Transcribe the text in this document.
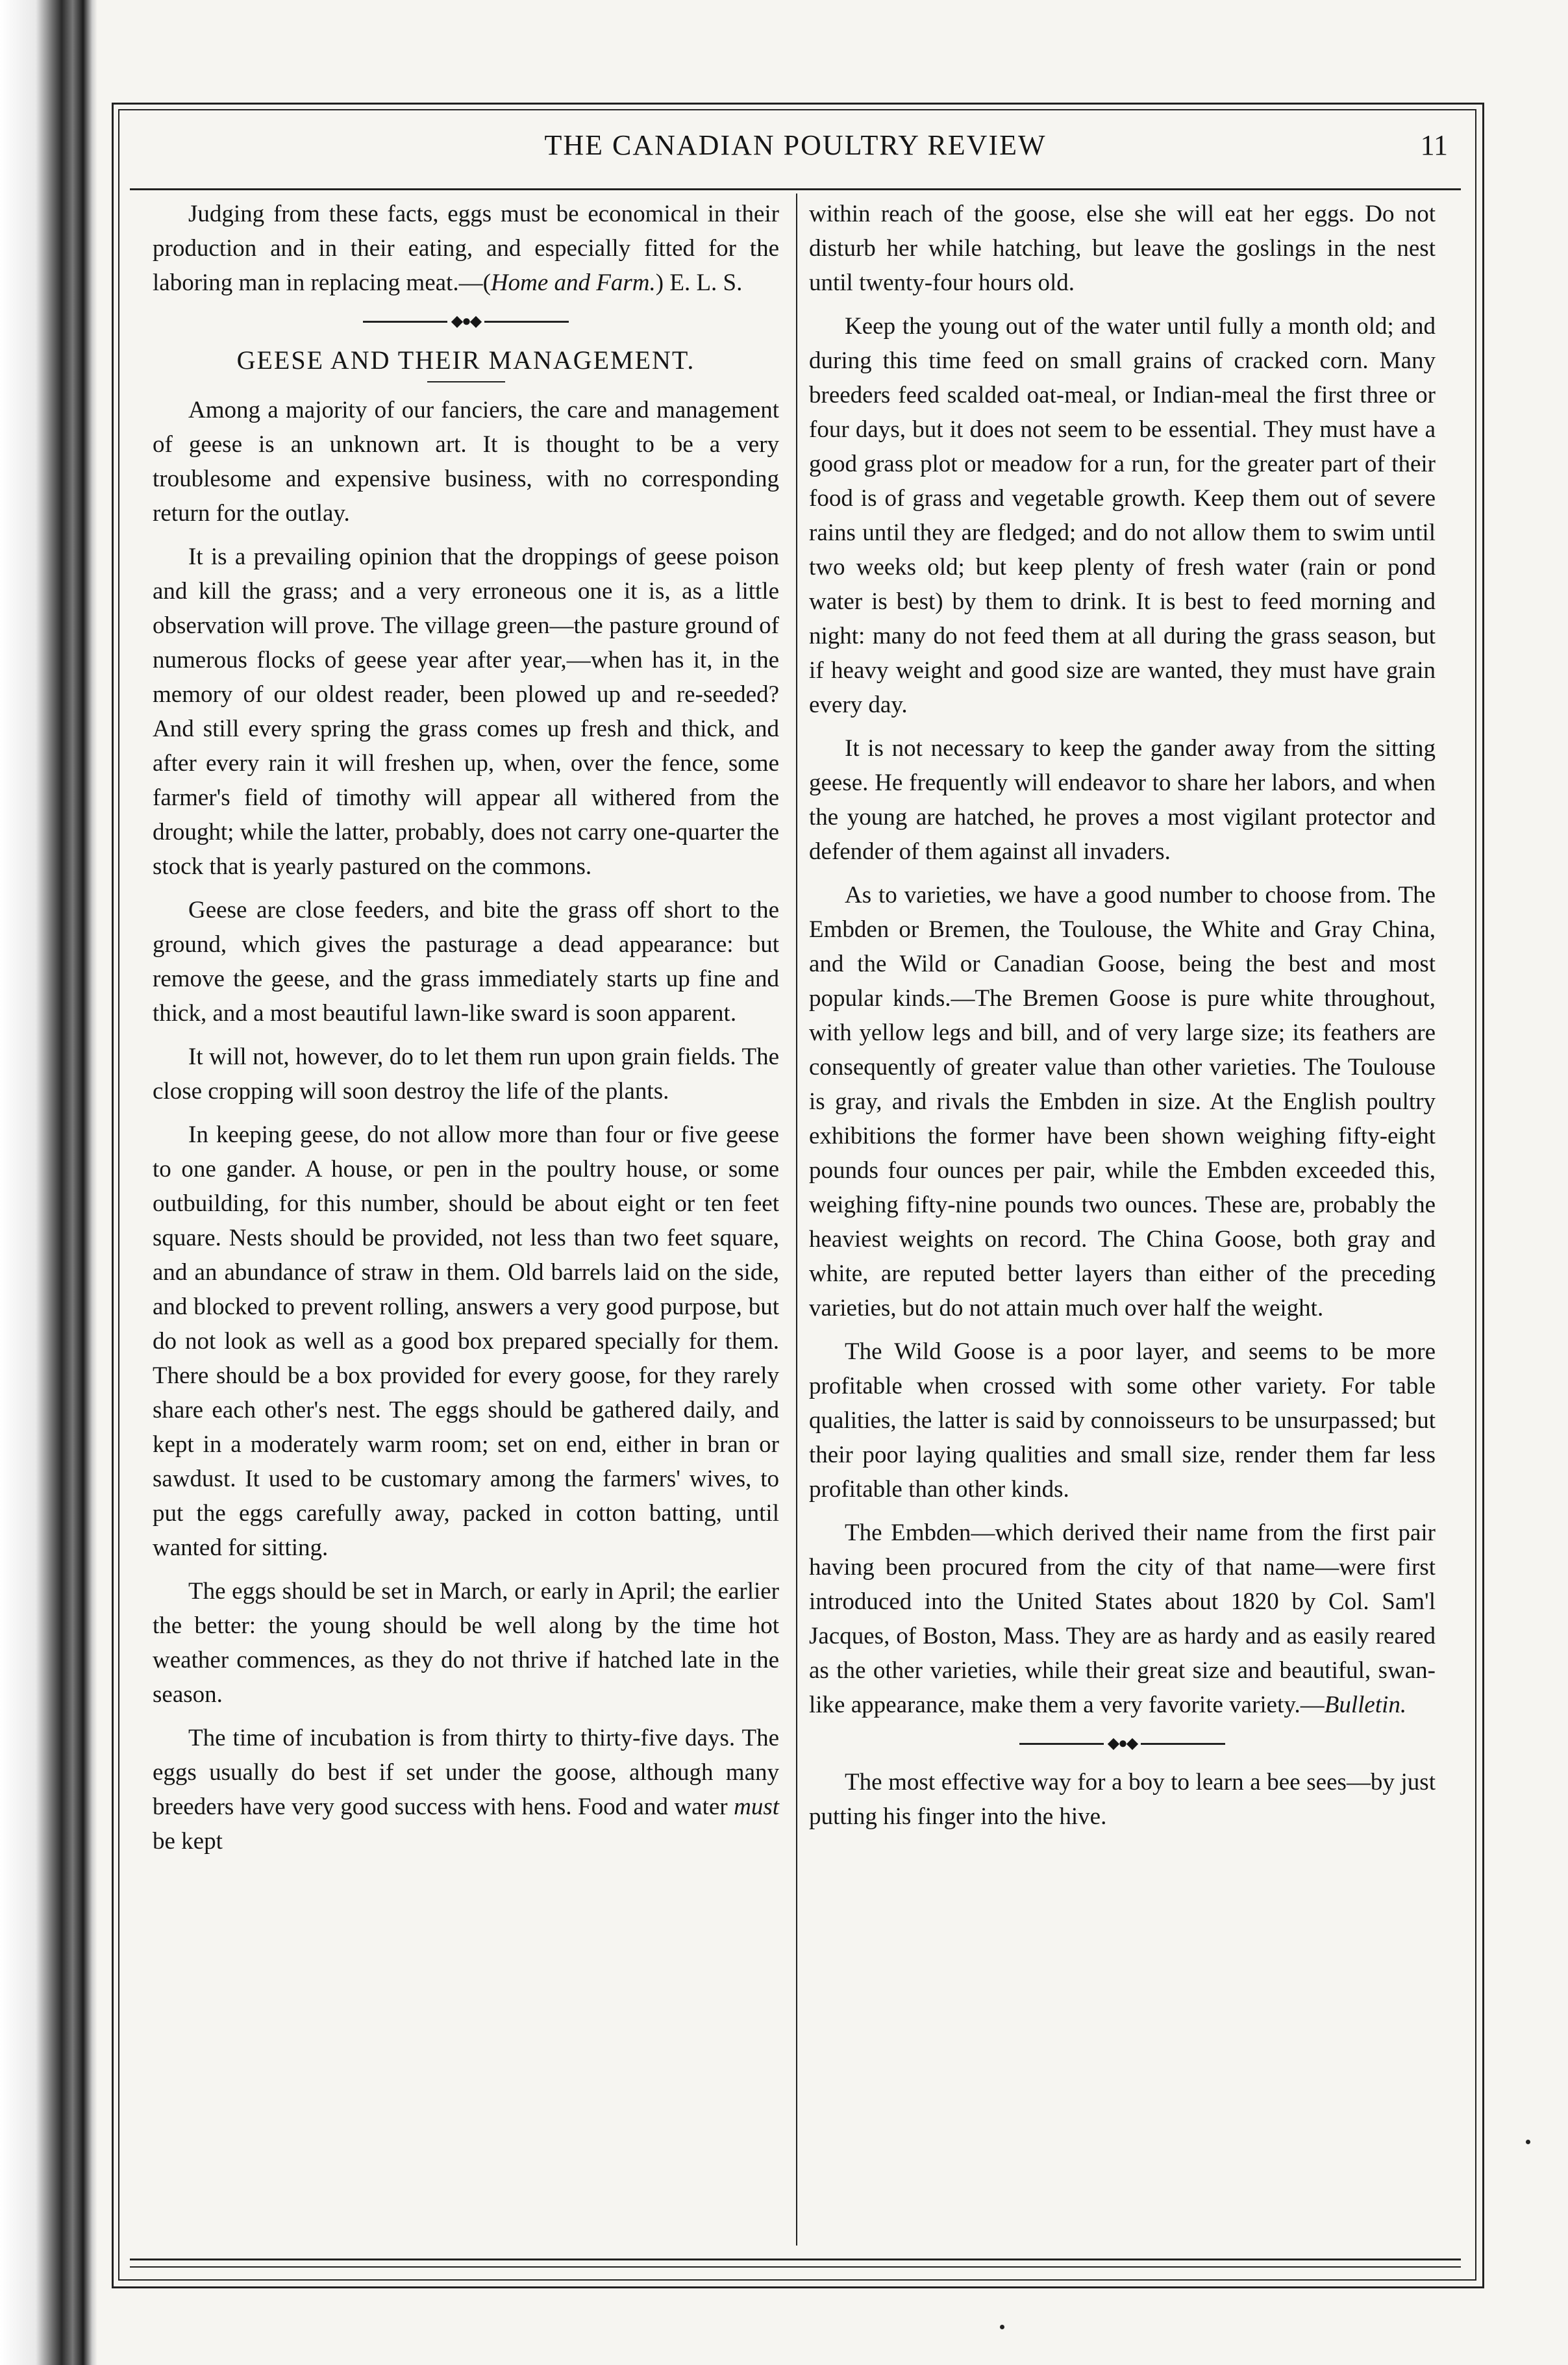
THE CANADIAN POULTRY REVIEW	11

Judging from these facts, eggs must be economical in their production and in their eating, and especially fitted for the laboring man in replacing meat.—(Home and Farm.) E. L. S.

◆●◆
GEESE AND THEIR MANAGEMENT.

Among a majority of our fanciers, the care and management of geese is an unknown art. It is thought to be a very troublesome and expensive business, with no corresponding return for the outlay.

It is a prevailing opinion that the droppings of geese poison and kill the grass; and a very erroneous one it is, as a little observation will prove. The village green—the pasture ground of numerous flocks of geese year after year,—when has it, in the memory of our oldest reader, been plowed up and re-seeded? And still every spring the grass comes up fresh and thick, and after every rain it will freshen up, when, over the fence, some farmer's field of timothy will appear all withered from the drought; while the latter, probably, does not carry one-quarter the stock that is yearly pastured on the commons.

Geese are close feeders, and bite the grass off short to the ground, which gives the pasturage a dead appearance: but remove the geese, and the grass immediately starts up fine and thick, and a most beautiful lawn-like sward is soon apparent.

It will not, however, do to let them run upon grain fields. The close cropping will soon destroy the life of the plants.

In keeping geese, do not allow more than four or five geese to one gander. A house, or pen in the poultry house, or some outbuilding, for this number, should be about eight or ten feet square. Nests should be provided, not less than two feet square, and an abundance of straw in them. Old barrels laid on the side, and blocked to prevent rolling, answers a very good purpose, but do not look as well as a good box prepared specially for them. There should be a box provided for every goose, for they rarely share each other's nest. The eggs should be gathered daily, and kept in a moderately warm room; set on end, either in bran or sawdust. It used to be customary among the farmers' wives, to put the eggs carefully away, packed in cotton batting, until wanted for sitting.

The eggs should be set in March, or early in April; the earlier the better: the young should be well along by the time hot weather commences, as they do not thrive if hatched late in the season.

The time of incubation is from thirty to thirty-five days. The eggs usually do best if set under the goose, although many breeders have very good success with hens. Food and water must be kept

within reach of the goose, else she will eat her eggs. Do not disturb her while hatching, but leave the goslings in the nest until twenty-four hours old.

Keep the young out of the water until fully a month old; and during this time feed on small grains of cracked corn. Many breeders feed scalded oat-meal, or Indian-meal the first three or four days, but it does not seem to be essential. They must have a good grass plot or meadow for a run, for the greater part of their food is of grass and vegetable growth. Keep them out of severe rains until they are fledged; and do not allow them to swim until two weeks old; but keep plenty of fresh water (rain or pond water is best) by them to drink. It is best to feed morning and night: many do not feed them at all during the grass season, but if heavy weight and good size are wanted, they must have grain every day.

It is not necessary to keep the gander away from the sitting geese. He frequently will endeavor to share her labors, and when the young are hatched, he proves a most vigilant protector and defender of them against all invaders.

As to varieties, we have a good number to choose from. The Embden or Bremen, the Toulouse, the White and Gray China, and the Wild or Canadian Goose, being the best and most popular kinds.—The Bremen Goose is pure white throughout, with yellow legs and bill, and of very large size; its feathers are consequently of greater value than other varieties. The Toulouse is gray, and rivals the Embden in size. At the English poultry exhibitions the former have been shown weighing fifty-eight pounds four ounces per pair, while the Embden exceeded this, weighing fifty-nine pounds two ounces. These are, probably the heaviest weights on record. The China Goose, both gray and white, are reputed better layers than either of the preceding varieties, but do not attain much over half the weight.

The Wild Goose is a poor layer, and seems to be more profitable when crossed with some other variety. For table qualities, the latter is said by connoisseurs to be unsurpassed; but their poor laying qualities and small size, render them far less profitable than other kinds.

The Embden—which derived their name from the first pair having been procured from the city of that name—were first introduced into the United States about 1820 by Col. Sam'l Jacques, of Boston, Mass. They are as hardy and as easily reared as the other varieties, while their great size and beautiful, swan-like appearance, make them a very favorite variety.—Bulletin.

◆●◆

The most effective way for a boy to learn a bee sees—by just putting his finger into the hive.
